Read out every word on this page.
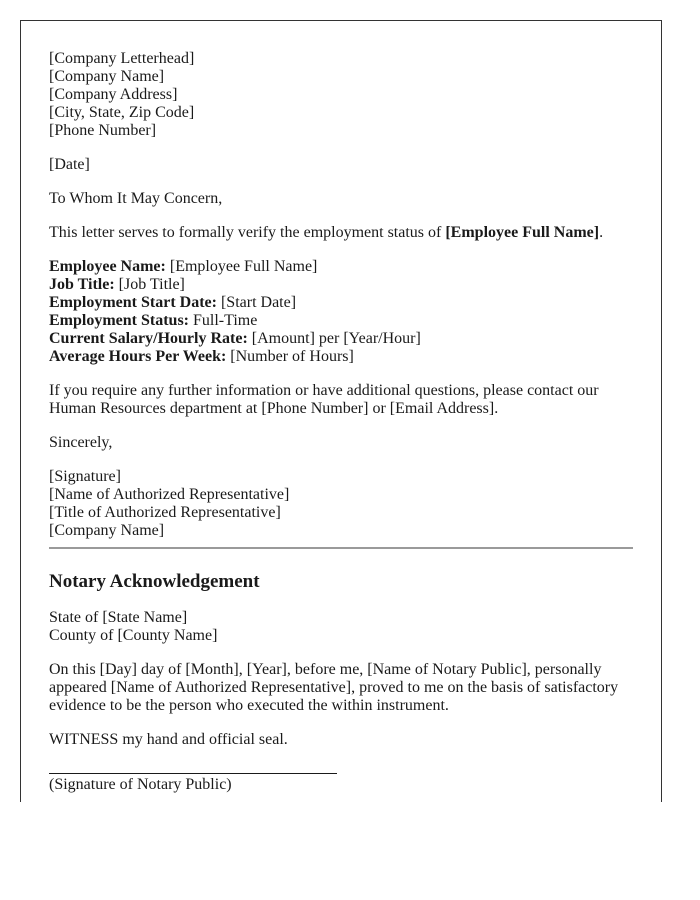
[Company Letterhead]
[Company Name]
[Company Address]
[City, State, Zip Code]
[Phone Number]
[Date]
To Whom It May Concern,
This letter serves to formally verify the employment status of [Employee Full Name].
Employee Name: [Employee Full Name]
Job Title: [Job Title]
Employment Start Date: [Start Date]
Employment Status: Full-Time
Current Salary/Hourly Rate: [Amount] per [Year/Hour]
Average Hours Per Week: [Number of Hours]
If you require any further information or have additional questions, please contact our
Human Resources department at [Phone Number] or [Email Address].
Sincerely,
[Signature]
[Name of Authorized Representative]
[Title of Authorized Representative]
[Company Name]
Notary Acknowledgement
State of [State Name]
County of [County Name]
On this [Day] day of [Month], [Year], before me, [Name of Notary Public], personally
appeared [Name of Authorized Representative], proved to me on the basis of satisfactory
evidence to be the person who executed the within instrument.
WITNESS my hand and official seal.
(Signature of Notary Public)
